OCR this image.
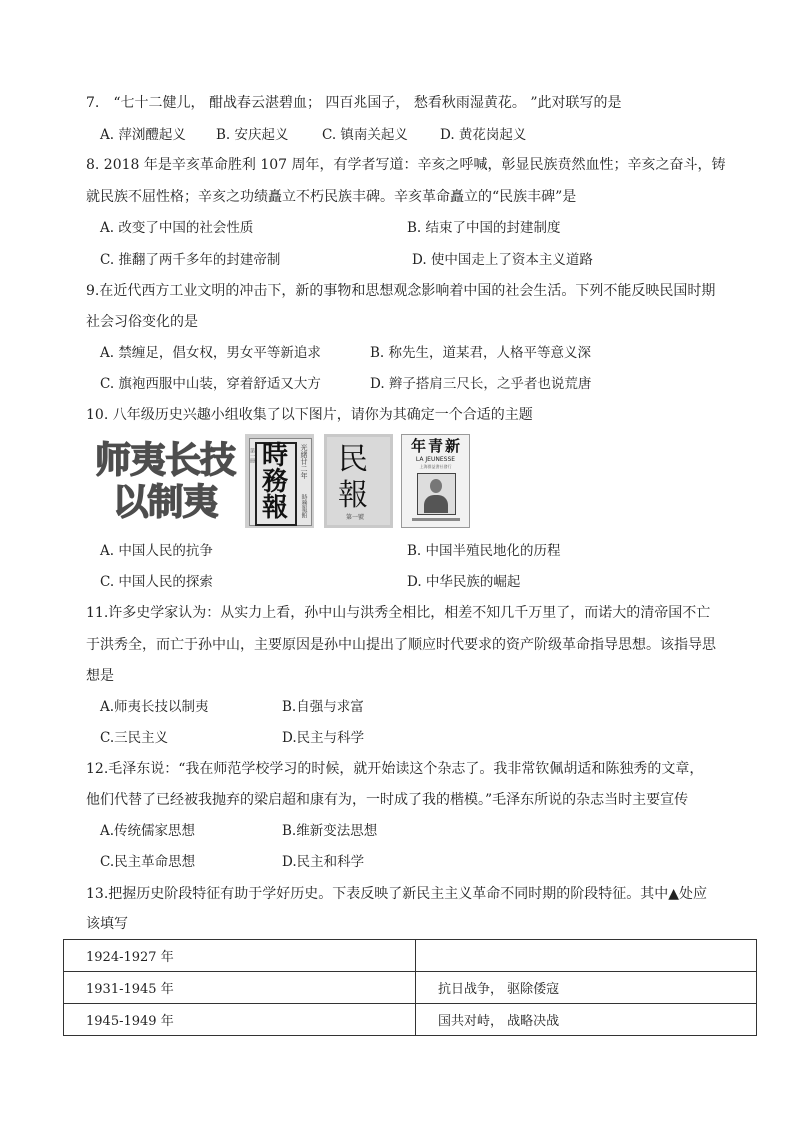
7.　“七十二健儿， 酣战春云湛碧血； 四百兆国子， 愁看秋雨湿黄花。 ”此对联写的是
A. 萍浏醴起义 B. 安庆起义 C. 镇南关起义 D. 黄花岗起义
8. 2018 年是辛亥革命胜利 107 周年，有学者写道：辛亥之呼喊，彰显民族贲然血性；辛亥之奋斗，铸
就民族不屈性格；辛亥之功绩矗立不朽民族丰碑。辛亥革命矗立的“民族丰碑”是
A. 改变了中国的社会性质	B. 结束了中国的封建制度
C. 推翻了两千多年的封建帝制	D. 使中国走上了资本主义道路
9.在近代西方工业文明的冲击下，新的事物和思想观念影响着中国的社会生活。下列不能反映民国时期
社会习俗变化的是
A. 禁缠足，倡女权，男女平等新追求	B. 称先生，道某君，人格平等意义深
C. 旗袍西服中山装，穿着舒适又大方	D. 辫子搭肩三尺长，之乎者也说荒唐
10. 八年级历史兴趣小组收集了以下图片，请你为其确定一个合适的主题
师夷长技
以制夷
時務報
光緒廿二年
第一冊
時務報館
民
報
第一號
年青新
LA JEUNESSE
上海群益書社發行
A. 中国人民的抗争	B. 中国半殖民地化的历程
C. 中国人民的探索	D. 中华民族的崛起
11.许多史学家认为：从实力上看，孙中山与洪秀全相比，相差不知几千万里了，而诺大的清帝国不亡
于洪秀全，而亡于孙中山，主要原因是孙中山提出了顺应时代要求的资产阶级革命指导思想。该指导思
想是
A.师夷长技以制夷	B.自强与求富
C.三民主义	D.民主与科学
12.毛泽东说：“我在师范学校学习的时候，就开始读这个杂志了。我非常钦佩胡适和陈独秀的文章，
他们代替了已经被我抛弃的梁启超和康有为，一时成了我的楷模。”毛泽东所说的杂志当时主要宣传
A.传统儒家思想	B.维新变法思想
C.民主革命思想	D.民主和科学
13.把握历史阶段特征有助于学好历史。下表反映了新民主主义革命不同时期的阶段特征。其中▲处应
该填写
1924-1927 年	
1931-1945 年	抗日战争， 驱除倭寇
1945-1949 年	国共对峙， 战略决战
